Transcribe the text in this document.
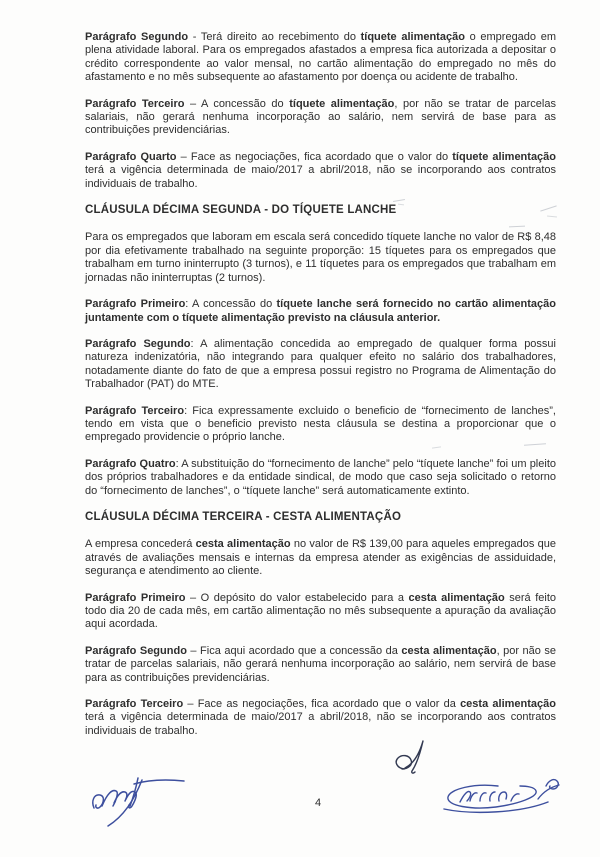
Parágrafo Segundo - Terá direito ao recebimento do tíquete alimentação o empregado em plena atividade laboral. Para os empregados afastados a empresa fica autorizada a depositar o crédito correspondente ao valor mensal, no cartão alimentação do empregado no mês do afastamento e no mês subsequente ao afastamento por doença ou acidente de trabalho.

Parágrafo Terceiro – A concessão do tíquete alimentação, por não se tratar de parcelas salariais, não gerará nenhuma incorporação ao salário, nem servirá de base para as contribuições previdenciárias.

Parágrafo Quarto – Face as negociações, fica acordado que o valor do tíquete alimentação terá a vigência determinada de maio/2017 a abril/2018, não se incorporando aos contratos individuais de trabalho.

CLÁUSULA DÉCIMA SEGUNDA - DO TÍQUETE LANCHE

Para os empregados que laboram em escala será concedido tíquete lanche no valor de R$ 8,48 por dia efetivamente trabalhado na seguinte proporção: 15 tíquetes para os empregados que trabalham em turno ininterrupto (3 turnos), e 11 tíquetes para os empregados que trabalham em jornadas não ininterruptas (2 turnos).

Parágrafo Primeiro: A concessão do tíquete lanche será fornecido no cartão alimentação juntamente com o tíquete alimentação previsto na cláusula anterior.

Parágrafo Segundo: A alimentação concedida ao empregado de qualquer forma possui natureza indenizatória, não integrando para qualquer efeito no salário dos trabalhadores, notadamente diante do fato de que a empresa possui registro no Programa de Alimentação do Trabalhador (PAT) do MTE.

Parágrafo Terceiro: Fica expressamente excluido o beneficio de “fornecimento de lanches”, tendo em vista que o beneficio previsto nesta cláusula se destina a proporcionar que o empregado providencie o próprio lanche.

Parágrafo Quatro: A substituição do “fornecimento de lanche” pelo “tíquete lanche” foi um pleito dos próprios trabalhadores e da entidade sindical, de modo que caso seja solicitado o retorno do “fornecimento de lanches”, o “tíquete lanche” será automaticamente extinto.

CLÁUSULA DÉCIMA TERCEIRA - CESTA ALIMENTAÇÃO

A empresa concederá cesta alimentação no valor de R$ 139,00 para aqueles empregados que através de avaliações mensais e internas da empresa atender as exigências de assiduidade, segurança e atendimento ao cliente.

Parágrafo Primeiro – O depósito do valor estabelecido para a cesta alimentação será feito todo dia 20 de cada mês, em cartão alimentação no mês subsequente a apuração da avaliação aqui acordada.

Parágrafo Segundo – Fica aqui acordado que a concessão da cesta alimentação, por não se tratar de parcelas salariais, não gerará nenhuma incorporação ao salário, nem servirá de base para as contribuições previdenciárias.

Parágrafo Terceiro – Face as negociações, fica acordado que o valor da cesta alimentação terá a vigência determinada de maio/2017 a abril/2018, não se incorporando aos contratos individuais de trabalho.

4
